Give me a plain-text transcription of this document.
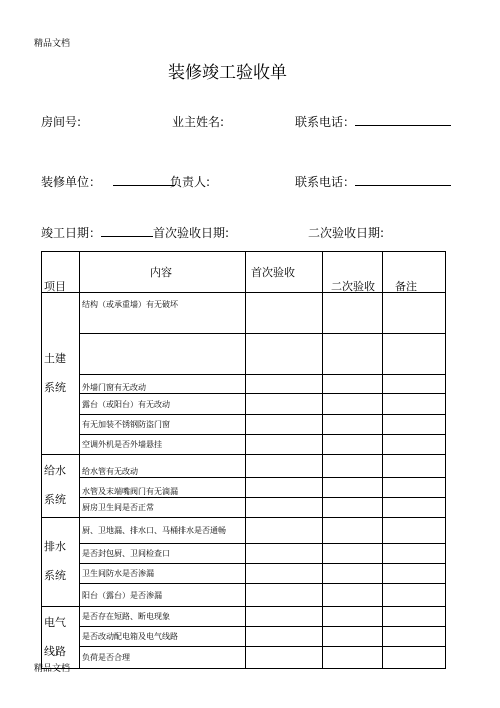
精品文档
装修竣工验收单
房间号:	业主姓名:	联系电话：
装修单位：	负责人:	联系电话：
竣工日期：	首次验收日期:	二次验收日期:
项目	内容	首次验收	二次验收	备注

土建
系统	结构（或承重墙）有无破坏			

	外墙门窗有无改动			
	露台（或阳台）有无改动			
	有无加装不锈钢防盗门窗			
	空调外机是否外墙悬挂			

给水
系统	给水管有无改动			
	水管及末端嘴阀门有无滴漏			
	厨房卫生间是否正常			

排水
系统	厨、卫地漏、排水口、马桶排水是否通畅			
	是否封包厨、卫间检查口			
	卫生间防水是否渗漏			
	阳台（露台）是否渗漏			

电气
线路	是否存在短路、断电现象			
	是否改动配电箱及电气线路			
	负荷是否合理			
精品文档
